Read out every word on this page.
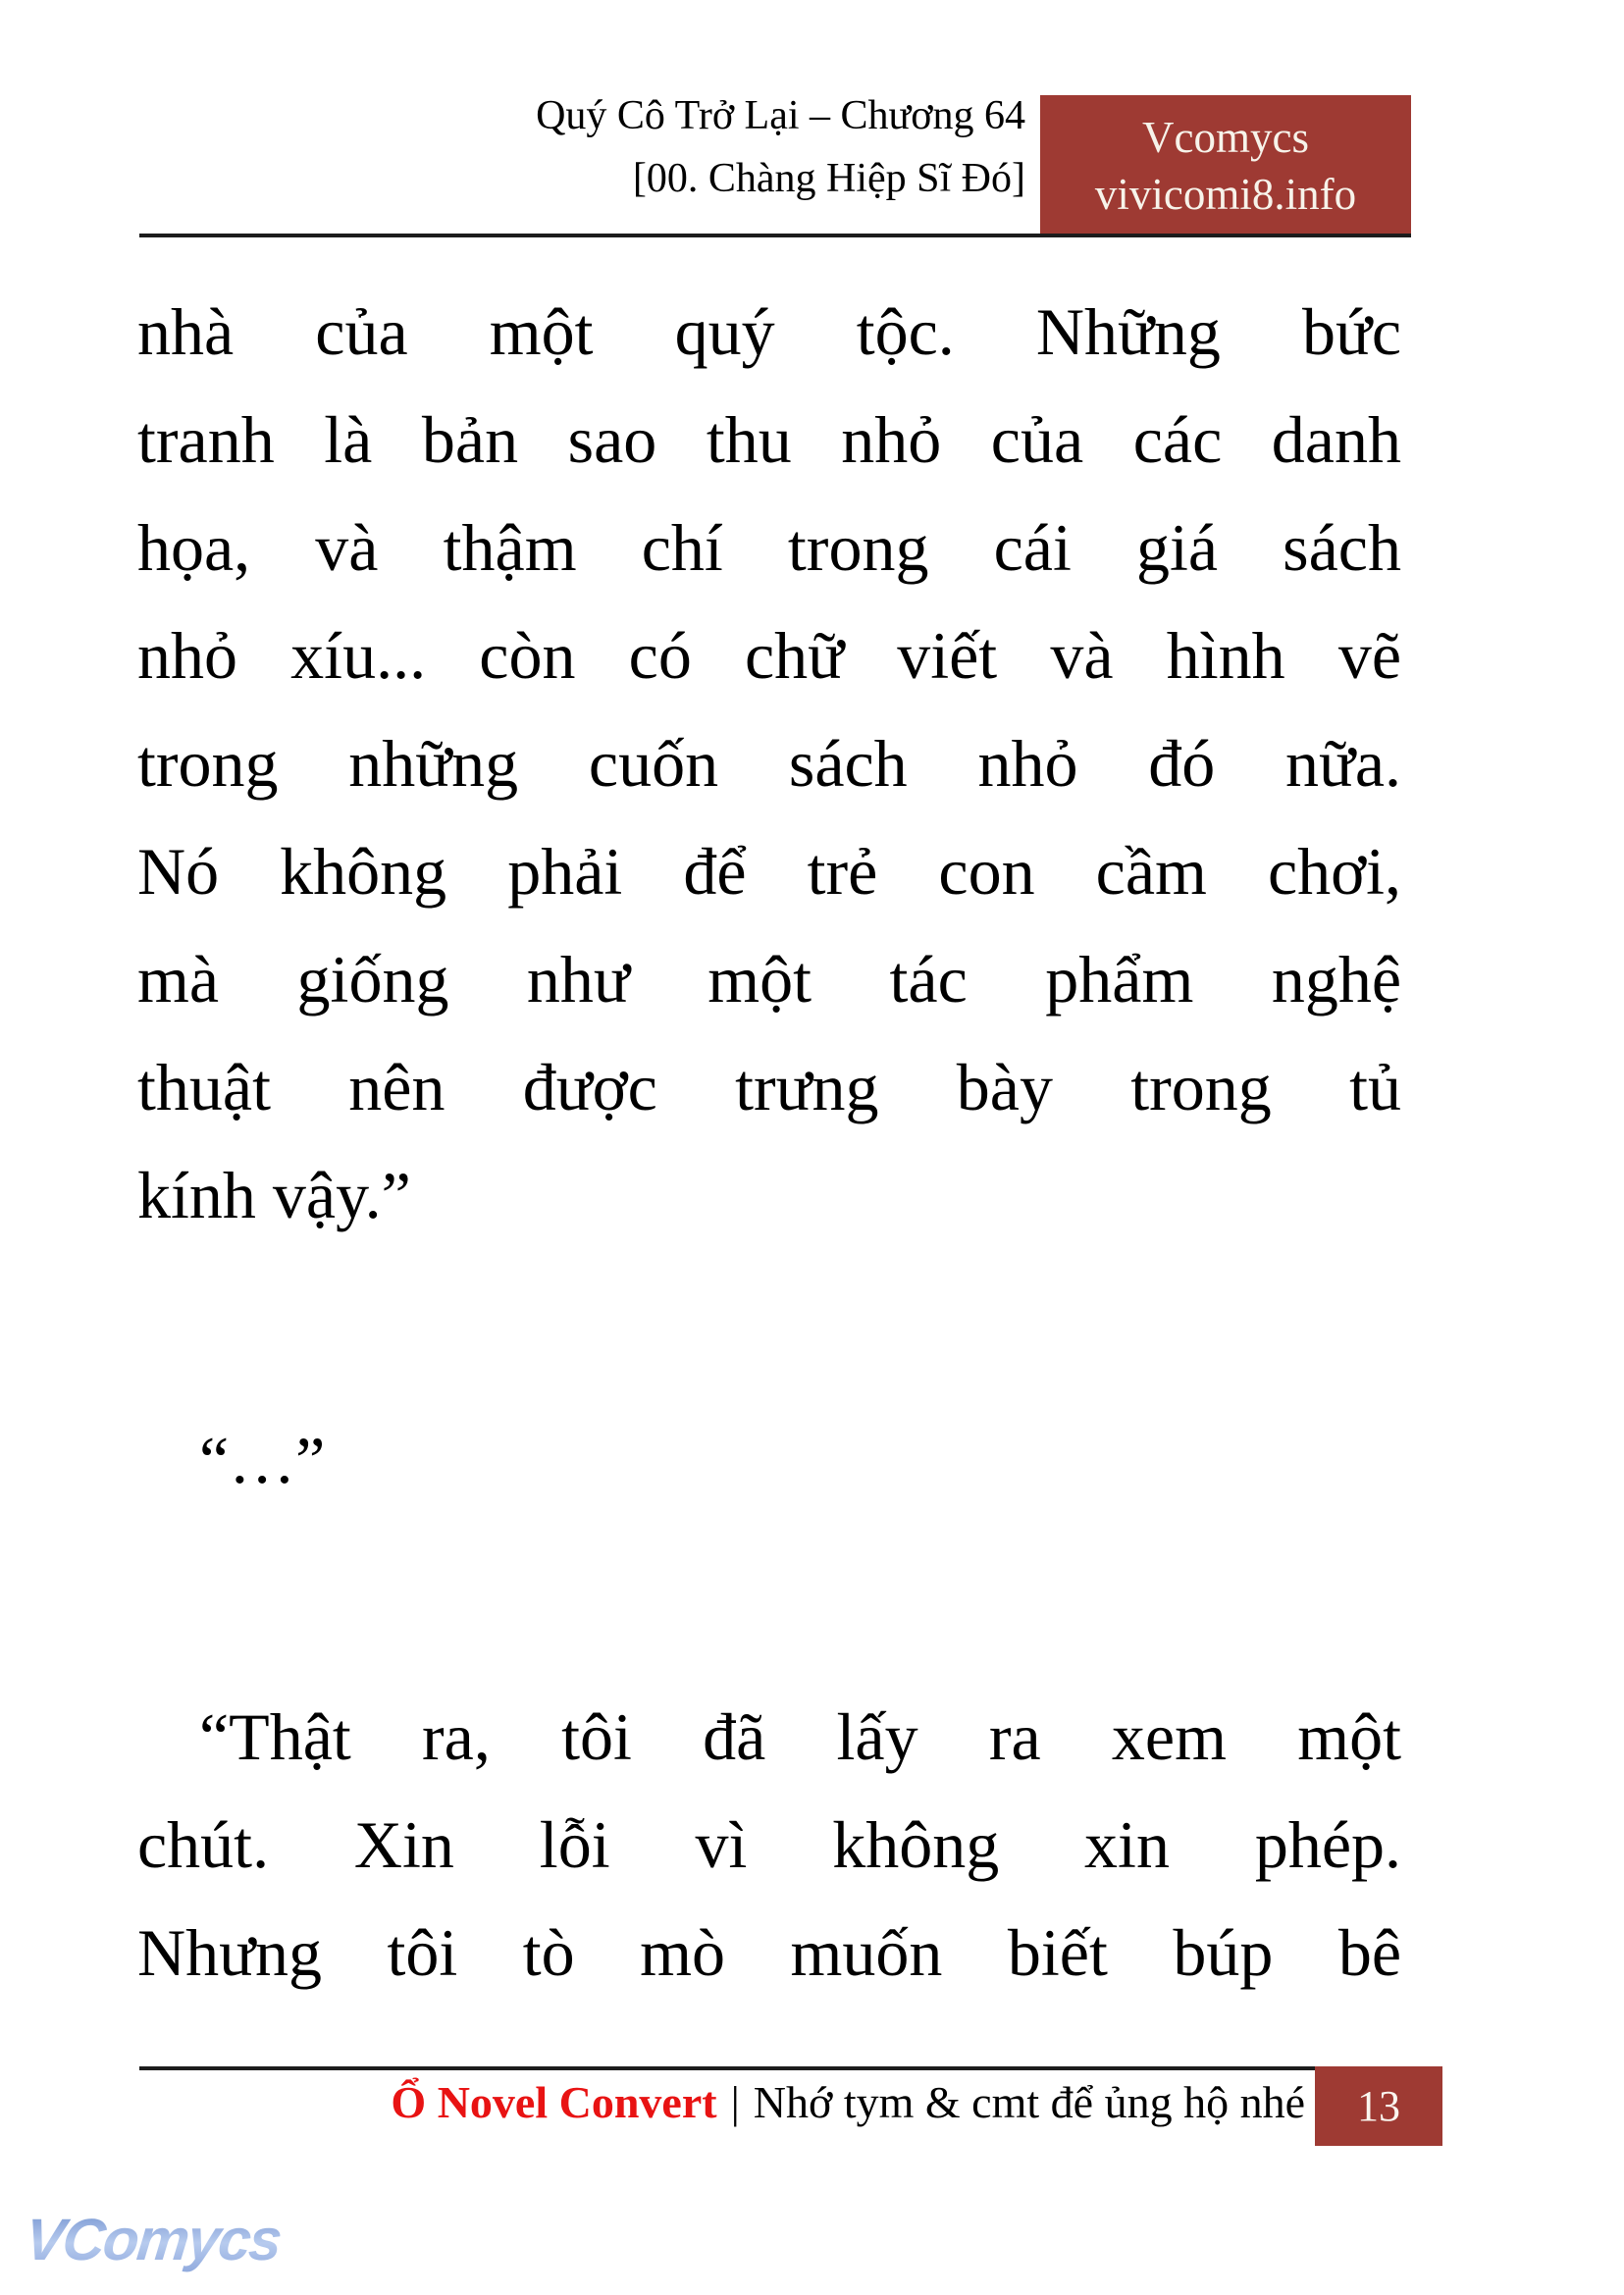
Quý Cô Trở Lại – Chương 64
[00. Chàng Hiệp Sĩ Đó]
Vcomycs
vivicomi8.info
nhà của một quý tộc. Những bức
tranh là bản sao thu nhỏ của các danh
họa, và thậm chí trong cái giá sách
nhỏ xíu... còn có chữ viết và hình vẽ
trong những cuốn sách nhỏ đó nữa.
Nó không phải để trẻ con cầm chơi,
mà giống như một tác phẩm nghệ
thuật nên được trưng bày trong tủ
kính vậy.”
“…”
“Thật ra, tôi đã lấy ra xem một
chút. Xin lỗi vì không xin phép.
Nhưng tôi tò mò muốn biết búp bê
Ổ Novel Convert | Nhớ tym & cmt để ủng hộ nhé	13
VComycs
